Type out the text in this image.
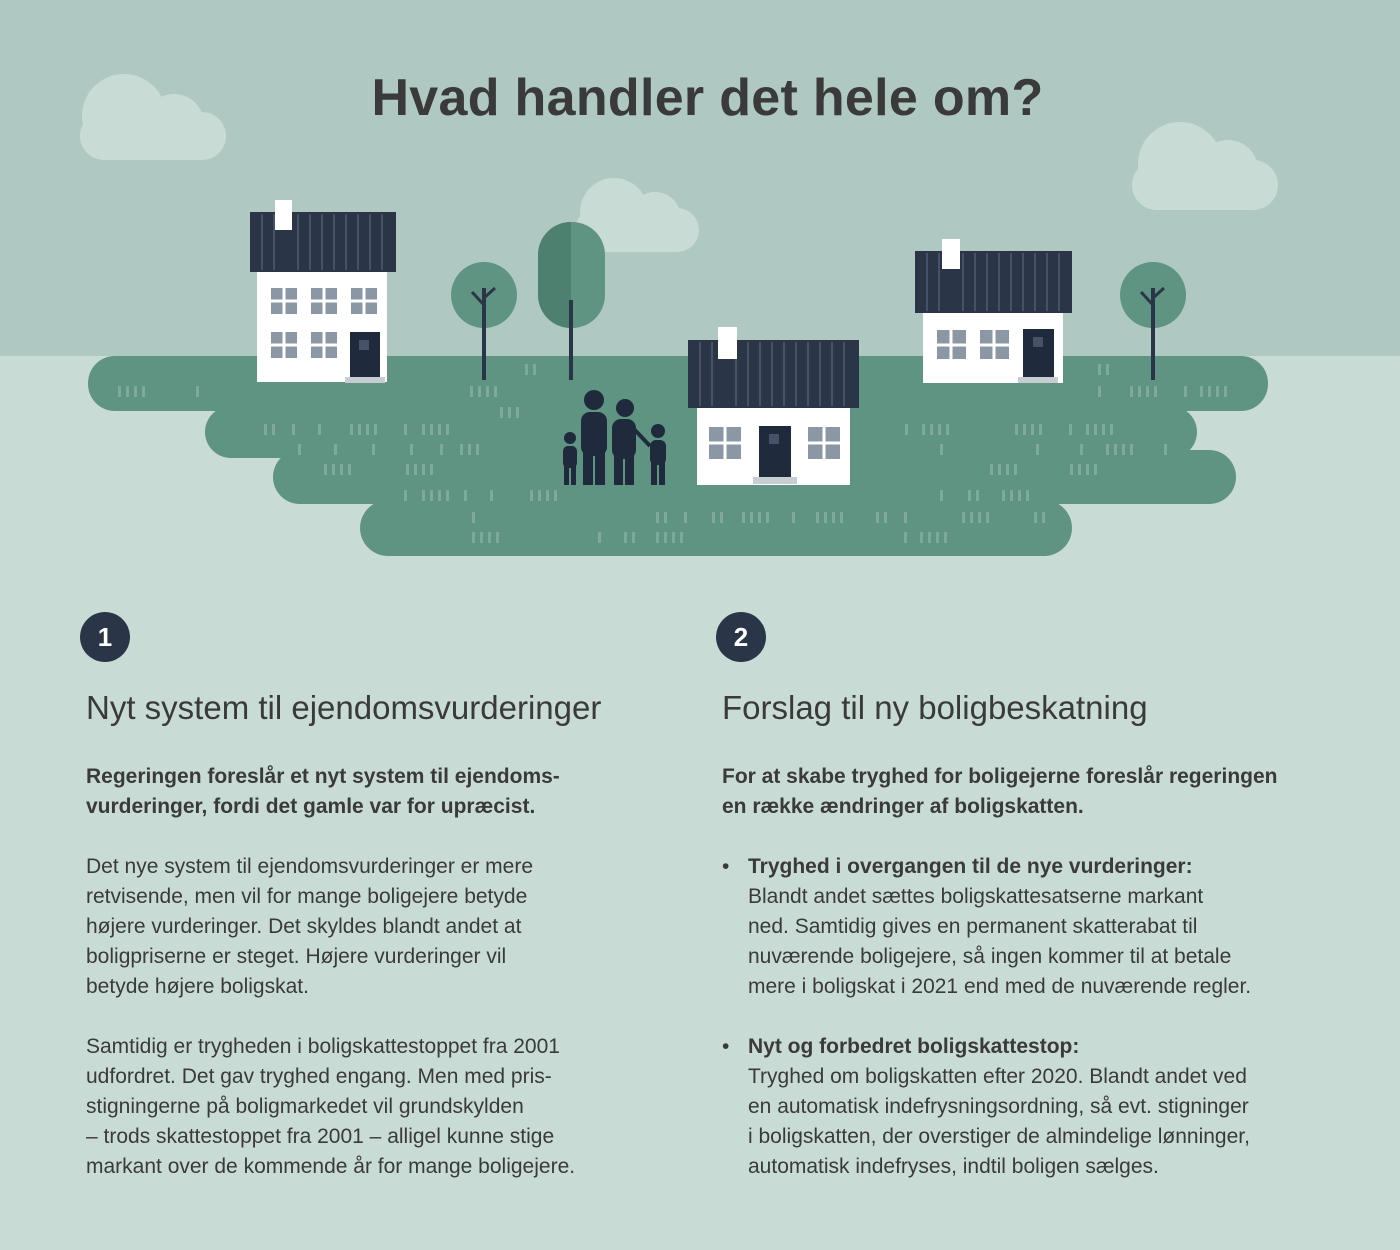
Hvad handler det hele om?
1
Nyt system til ejendomsvurderinger

Regeringen foreslår et nyt system til ejendoms-
vurderinger, fordi det gamle var for upræcist.

Det nye system til ejendomsvurderinger er mere
retvisende, men vil for mange boligejere betyde
højere vurderinger. Det skyldes blandt andet at
boligpriserne er steget. Højere vurderinger vil
betyde højere boligskat.

Samtidig er trygheden i boligskattestoppet fra 2001
udfordret. Det gav tryghed engang. Men med pris-
stigningerne på boligmarkedet vil grundskylden
– trods skattestoppet fra 2001 – alligel kunne stige
markant over de kommende år for mange boligejere.

2
Forslag til ny boligbeskatning

For at skabe tryghed for boligejerne foreslår regeringen
en række ændringer af boligskatten.

• Tryghed i overgangen til de nye vurderinger:
Blandt andet sættes boligskattesatserne markant
ned. Samtidig gives en permanent skatterabat til
nuværende boligejere, så ingen kommer til at betale
mere i boligskat i 2021 end med de nuværende regler.
• Nyt og forbedret boligskattestop:
Tryghed om boligskatten efter 2020. Blandt andet ved
en automatisk indefrysningsordning, så evt. stigninger
i boligskatten, der overstiger de almindelige lønninger,
automatisk indefryses, indtil boligen sælges.
